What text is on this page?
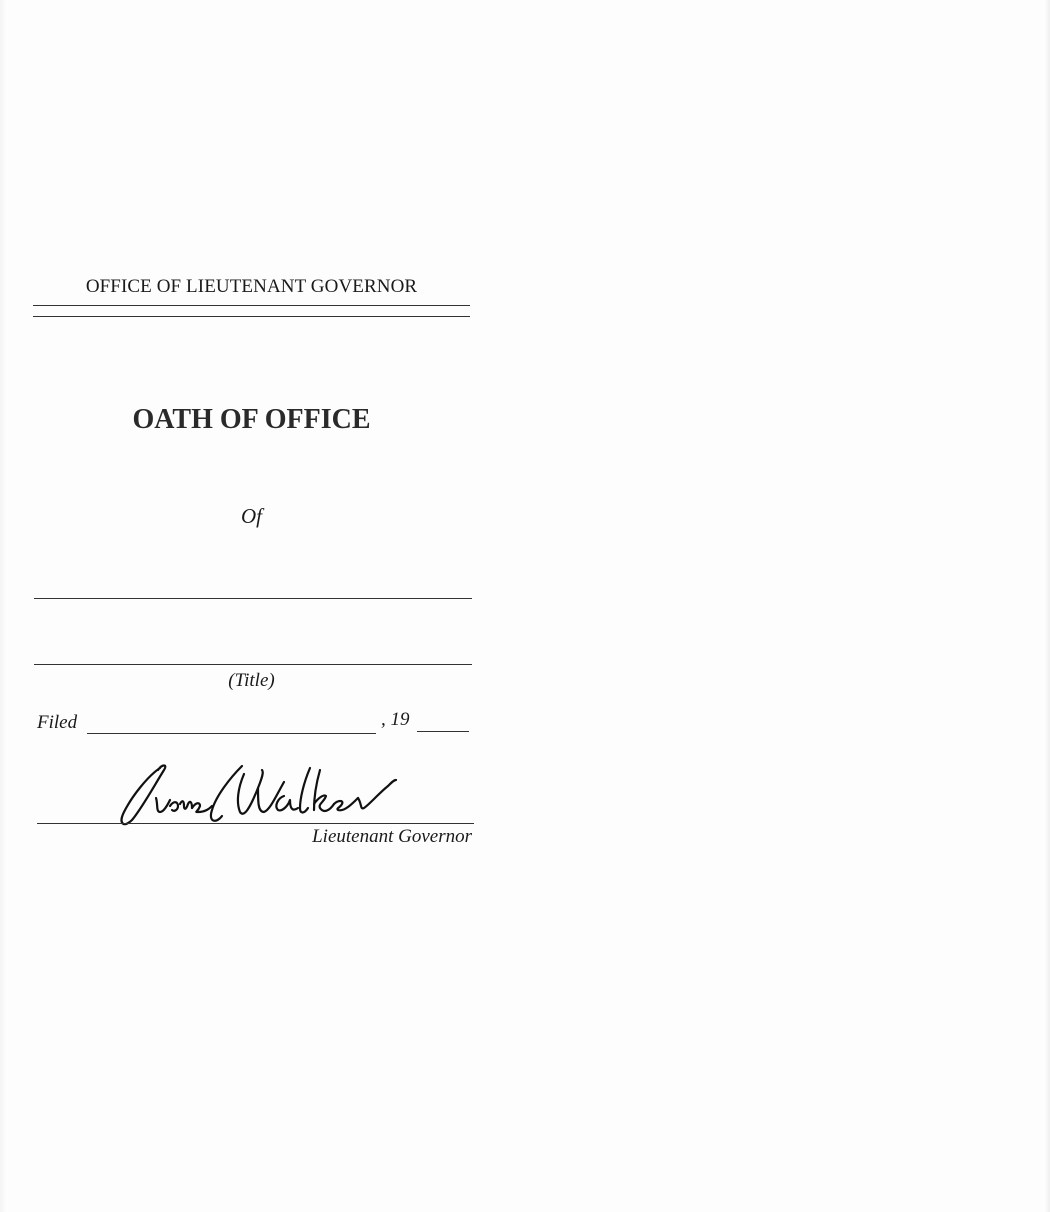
OFFICE OF LIEUTENANT GOVERNOR
OATH OF OFFICE
Of
(Title)
Filed	, 19
Lieutenant Governor
